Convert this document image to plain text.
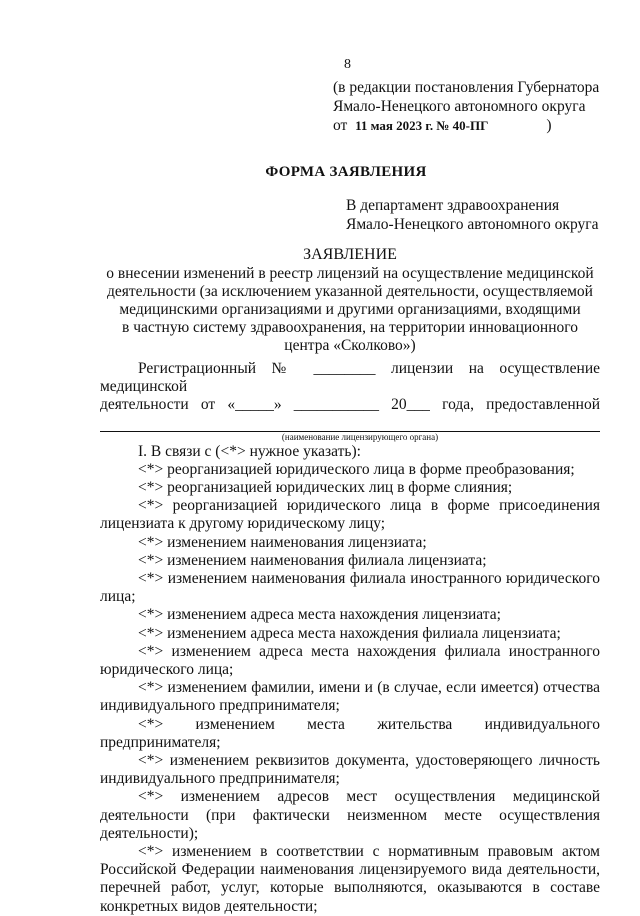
8
(в редакции постановления Губернатора
Ямало-Ненецкого автономного округа
от 11 мая 2023 г. № 40-ПГ	)
ФОРМА ЗАЯВЛЕНИЯ
В департамент здравоохранения
Ямало-Ненецкого автономного округа
ЗАЯВЛЕНИЕ
о внесении изменений в реестр лицензий на осуществление медицинской
деятельности (за исключением указанной деятельности, осуществляемой
медицинскими организациями и другими организациями, входящими
в частную систему здравоохранения, на территории инновационного
центра «Сколково»)

Регистрационный № ________ лицензии на осуществление медицинской

деятельности от «_____» ___________ 20___ года, предоставленной

(наименование лицензирующего органа)

I. В связи с (<*> нужное указать):

<*> реорганизацией юридического лица в форме преобразования;

<*> реорганизацией юридических лиц в форме слияния;

<*> реорганизацией юридического лица в форме присоединения лицензиата к другому юридическому лицу;

<*> изменением наименования лицензиата;

<*> изменением наименования филиала лицензиата;

<*> изменением наименования филиала иностранного юридического лица;

<*> изменением адреса места нахождения лицензиата;

<*> изменением адреса места нахождения филиала лицензиата;

<*> изменением адреса места нахождения филиала иностранного юридического лица;

<*> изменением фамилии, имени и (в случае, если имеется) отчества индивидуального предпринимателя;

<*> изменением места жительства индивидуального предпринимателя;

<*> изменением реквизитов документа, удостоверяющего личность индивидуального предпринимателя;

<*> изменением адресов мест осуществления медицинской деятельности (при фактически неизменном месте осуществления деятельности);

<*> изменением в соответствии с нормативным правовым актом Российской Федерации наименования лицензируемого вида деятельности, перечней работ, услуг, которые выполняются, оказываются в составе конкретных видов деятельности;
